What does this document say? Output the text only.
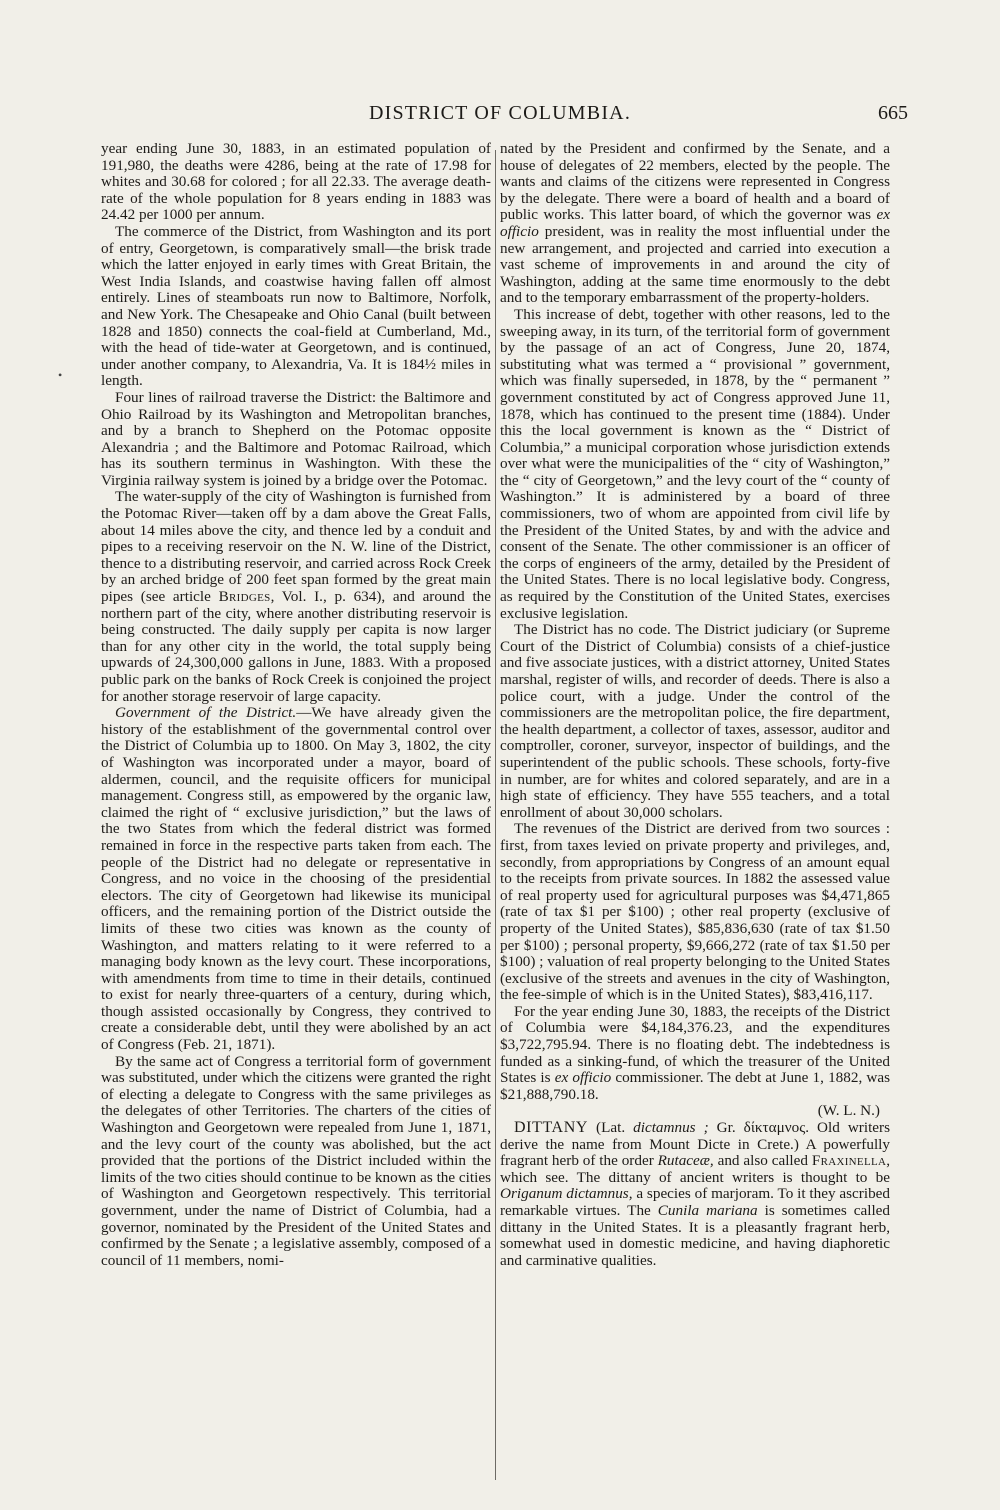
DISTRICT OF COLUMBIA.	665
•

year ending June 30, 1883, in an estimated population of 191,980, the deaths were 4286, being at the rate of 17.98 for whites and 30.68 for colored ; for all 22.33. The average death-rate of the whole population for 8 years ending in 1883 was 24.42 per 1000 per annum.

The commerce of the District, from Washington and its port of entry, Georgetown, is comparatively small—the brisk trade which the latter enjoyed in early times with Great Britain, the West India Islands, and coastwise having fallen off almost entirely. Lines of steamboats run now to Baltimore, Norfolk, and New York. The Chesapeake and Ohio Canal (built between 1828 and 1850) connects the coal-field at Cumberland, Md., with the head of tide-water at Georgetown, and is continued, under another company, to Alexandria, Va. It is 184½ miles in length.

Four lines of railroad traverse the District: the Baltimore and Ohio Railroad by its Washington and Metropolitan branches, and by a branch to Shepherd on the Potomac opposite Alexandria ; and the Baltimore and Potomac Railroad, which has its southern terminus in Washington. With these the Virginia railway system is joined by a bridge over the Potomac.

The water-supply of the city of Washington is furnished from the Potomac River—taken off by a dam above the Great Falls, about 14 miles above the city, and thence led by a conduit and pipes to a receiving reservoir on the N. W. line of the District, thence to a distributing reservoir, and carried across Rock Creek by an arched bridge of 200 feet span formed by the great main pipes (see article Bridges, Vol. I., p. 634), and around the northern part of the city, where another distributing reservoir is being constructed. The daily supply per capita is now larger than for any other city in the world, the total supply being upwards of 24,300,000 gallons in June, 1883. With a proposed public park on the banks of Rock Creek is conjoined the project for another storage reservoir of large capacity.

Government of the District.—We have already given the history of the establishment of the governmental control over the District of Columbia up to 1800. On May 3, 1802, the city of Washington was incorporated under a mayor, board of aldermen, council, and the requisite officers for municipal management. Congress still, as empowered by the organic law, claimed the right of “ exclusive jurisdiction,” but the laws of the two States from which the federal district was formed remained in force in the respective parts taken from each. The people of the District had no delegate or representative in Congress, and no voice in the choosing of the presidential electors. The city of Georgetown had likewise its municipal officers, and the remaining portion of the District outside the limits of these two cities was known as the county of Washington, and matters relating to it were referred to a managing body known as the levy court. These incorporations, with amendments from time to time in their details, continued to exist for nearly three-quarters of a century, during which, though assisted occasionally by Congress, they contrived to create a considerable debt, until they were abolished by an act of Congress (Feb. 21, 1871).

By the same act of Congress a territorial form of government was substituted, under which the citizens were granted the right of electing a delegate to Congress with the same privileges as the delegates of other Territories. The charters of the cities of Washington and Georgetown were repealed from June 1, 1871, and the levy court of the county was abolished, but the act provided that the portions of the District included within the limits of the two cities should continue to be known as the cities of Washington and Georgetown respectively. This territorial government, under the name of District of Columbia, had a governor, nominated by the President of the United States and confirmed by the Senate ; a legislative assembly, composed of a council of 11 members, nomi-

nated by the President and confirmed by the Senate, and a house of delegates of 22 members, elected by the people. The wants and claims of the citizens were represented in Congress by the delegate. There were a board of health and a board of public works. This latter board, of which the governor was ex officio president, was in reality the most influential under the new arrangement, and projected and carried into execution a vast scheme of improvements in and around the city of Washington, adding at the same time enormously to the debt and to the temporary embarrassment of the property-holders.

This increase of debt, together with other reasons, led to the sweeping away, in its turn, of the territorial form of government by the passage of an act of Congress, June 20, 1874, substituting what was termed a “ provisional ” government, which was finally superseded, in 1878, by the “ permanent ” government constituted by act of Congress approved June 11, 1878, which has continued to the present time (1884). Under this the local government is known as the “ District of Columbia,” a municipal corporation whose jurisdiction extends over what were the municipalities of the “ city of Washington,” the “ city of Georgetown,” and the levy court of the “ county of Washington.” It is administered by a board of three commissioners, two of whom are appointed from civil life by the President of the United States, by and with the advice and consent of the Senate. The other commissioner is an officer of the corps of engineers of the army, detailed by the President of the United States. There is no local legislative body. Congress, as required by the Constitution of the United States, exercises exclusive legislation.

The District has no code. The District judiciary (or Supreme Court of the District of Columbia) consists of a chief-justice and five associate justices, with a district attorney, United States marshal, register of wills, and recorder of deeds. There is also a police court, with a judge. Under the control of the commissioners are the metropolitan police, the fire department, the health department, a collector of taxes, assessor, auditor and comptroller, coroner, surveyor, inspector of buildings, and the superintendent of the public schools. These schools, forty-five in number, are for whites and colored separately, and are in a high state of efficiency. They have 555 teachers, and a total enrollment of about 30,000 scholars.

The revenues of the District are derived from two sources : first, from taxes levied on private property and privileges, and, secondly, from appropriations by Congress of an amount equal to the receipts from private sources. In 1882 the assessed value of real property used for agricultural purposes was $4,471,865 (rate of tax $1 per $100) ; other real property (exclusive of property of the United States), $85,836,630 (rate of tax $1.50 per $100) ; personal property, $9,666,272 (rate of tax $1.50 per $100) ; valuation of real property belonging to the United States (exclusive of the streets and avenues in the city of Washington, the fee-simple of which is in the United States), $83,416,117.

For the year ending June 30, 1883, the receipts of the District of Columbia were $4,184,376.23, and the expenditures $3,722,795.94. There is no floating debt. The indebtedness is funded as a sinking-fund, of which the treasurer of the United States is ex officio commissioner. The debt at June 1, 1882, was $21,888,790.18.

(W. L. N.)

DITTANY (Lat. dictamnus ; Gr. δίκταμνος. Old writers derive the name from Mount Dicte in Crete.) A powerfully fragrant herb of the order Rutaceæ, and also called Fraxinella, which see. The dittany of ancient writers is thought to be Origanum dictamnus, a species of marjoram. To it they ascribed remarkable virtues. The Cunila mariana is sometimes called dittany in the United States. It is a pleasantly fragrant herb, somewhat used in domestic medicine, and having diaphoretic and carminative qualities.
